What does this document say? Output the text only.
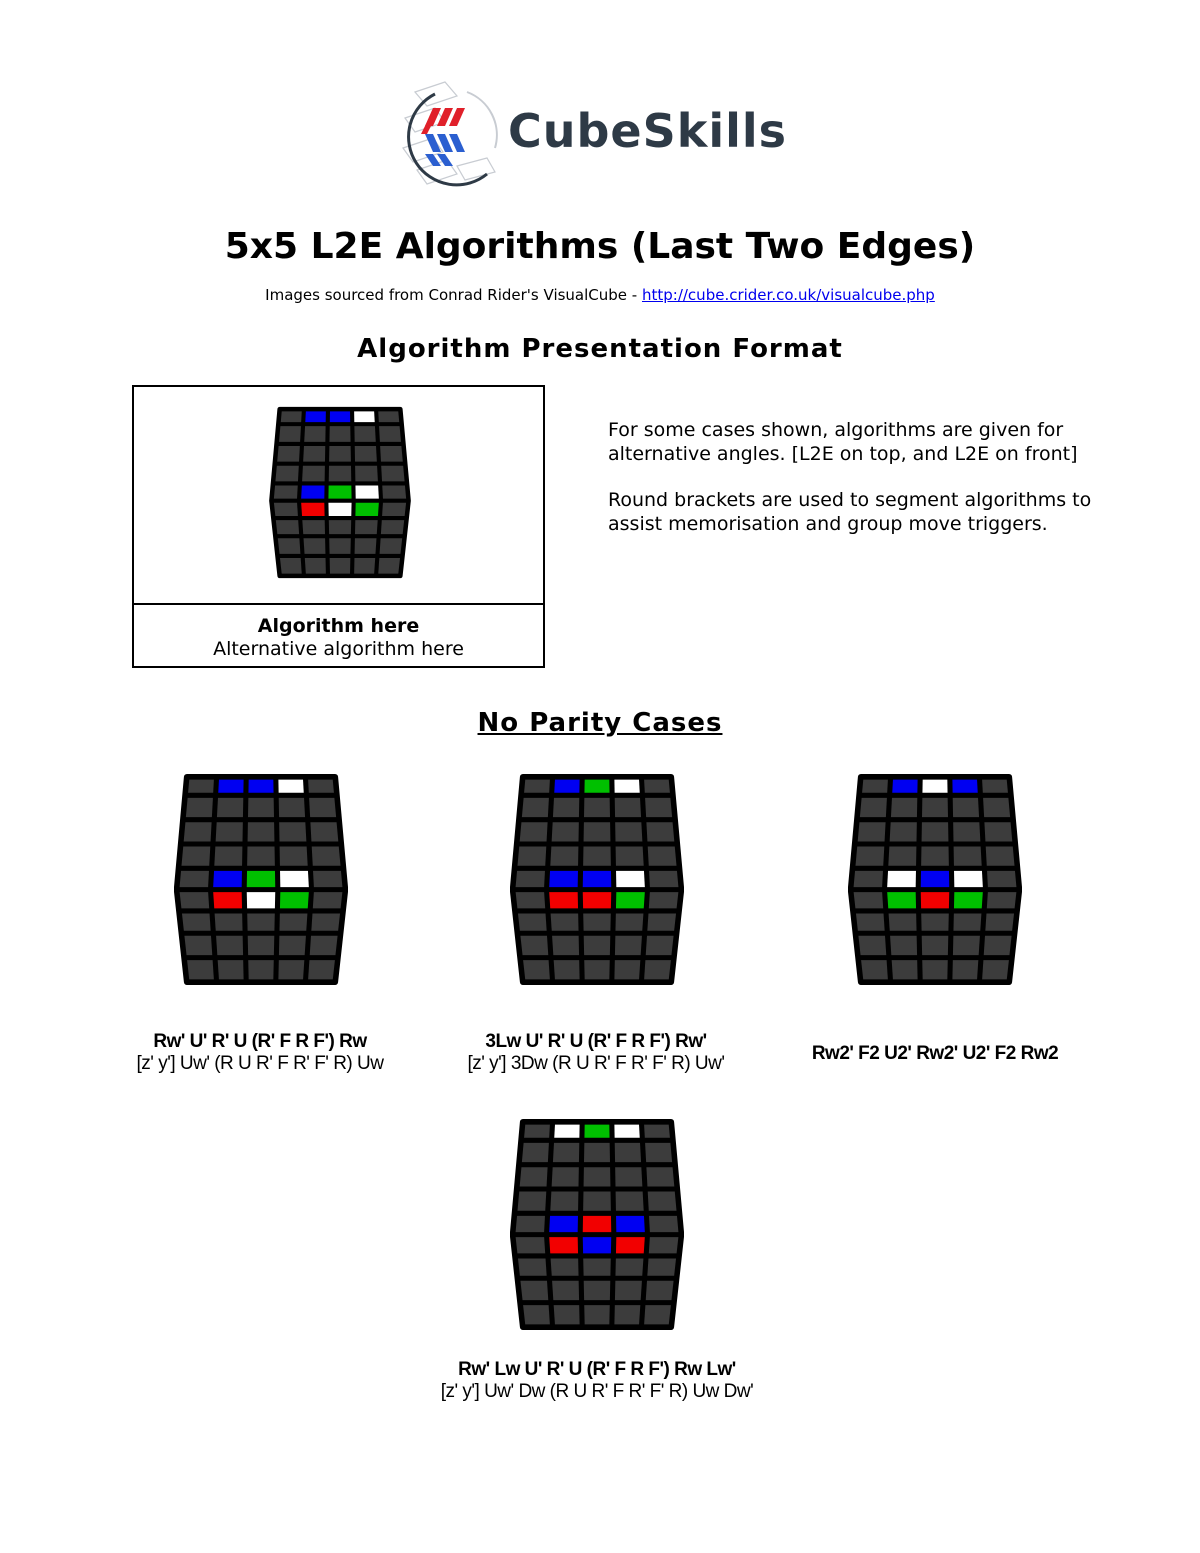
CubeSkills
5x5 L2E Algorithms (Last Two Edges)
Images sourced from Conrad Rider's VisualCube - http://cube.crider.co.uk/visualcube.php
Algorithm Presentation Format
Algorithm here
Alternative algorithm here
For some cases shown, algorithms are given for alternative angles. [L2E on top, and L2E on front]
Round brackets are used to segment algorithms to assist memorisation and group move triggers.
No Parity Cases
Rw' U' R' U (R' F R F') Rw
[z' y'] Uw' (R U R' F R' F' R) Uw
3Lw U' R' U (R' F R F') Rw'
[z' y'] 3Dw (R U R' F R' F' R) Uw'	Rw2' F2 U2' Rw2' U2' F2 Rw2
Rw' Lw U' R' U (R' F R F') Rw Lw'
[z' y'] Uw' Dw (R U R' F R' F' R) Uw Dw'
